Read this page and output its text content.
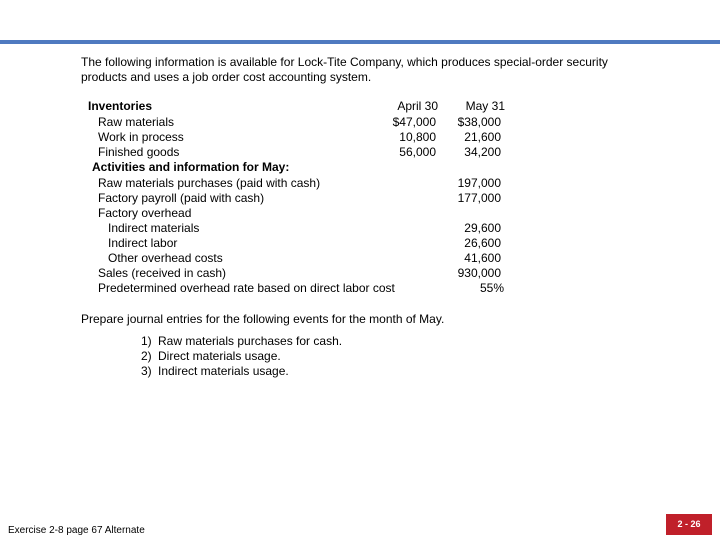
The following information is available for Lock-Tite Company, which produces special-order security products and uses a job order cost accounting system.
Inventories	April 30	May 31
Raw materials	$47,000	$38,000
Work in process	10,800	21,600
Finished goods	56,000	34,200
Activities and information for May:
Raw materials purchases (paid with cash)	197,000
Factory payroll (paid with cash)	177,000
Factory overhead
Indirect materials	29,600
Indirect labor	26,600
Other overhead costs	41,600
Sales (received in cash)	930,000
Predetermined overhead rate based on direct labor cost	55%
Prepare journal entries for the following events for the month of May.
1) Raw materials purchases for cash.
2) Direct materials usage.
3) Indirect materials usage.
Exercise 2-8 page 67 Alternate
2 - 26
